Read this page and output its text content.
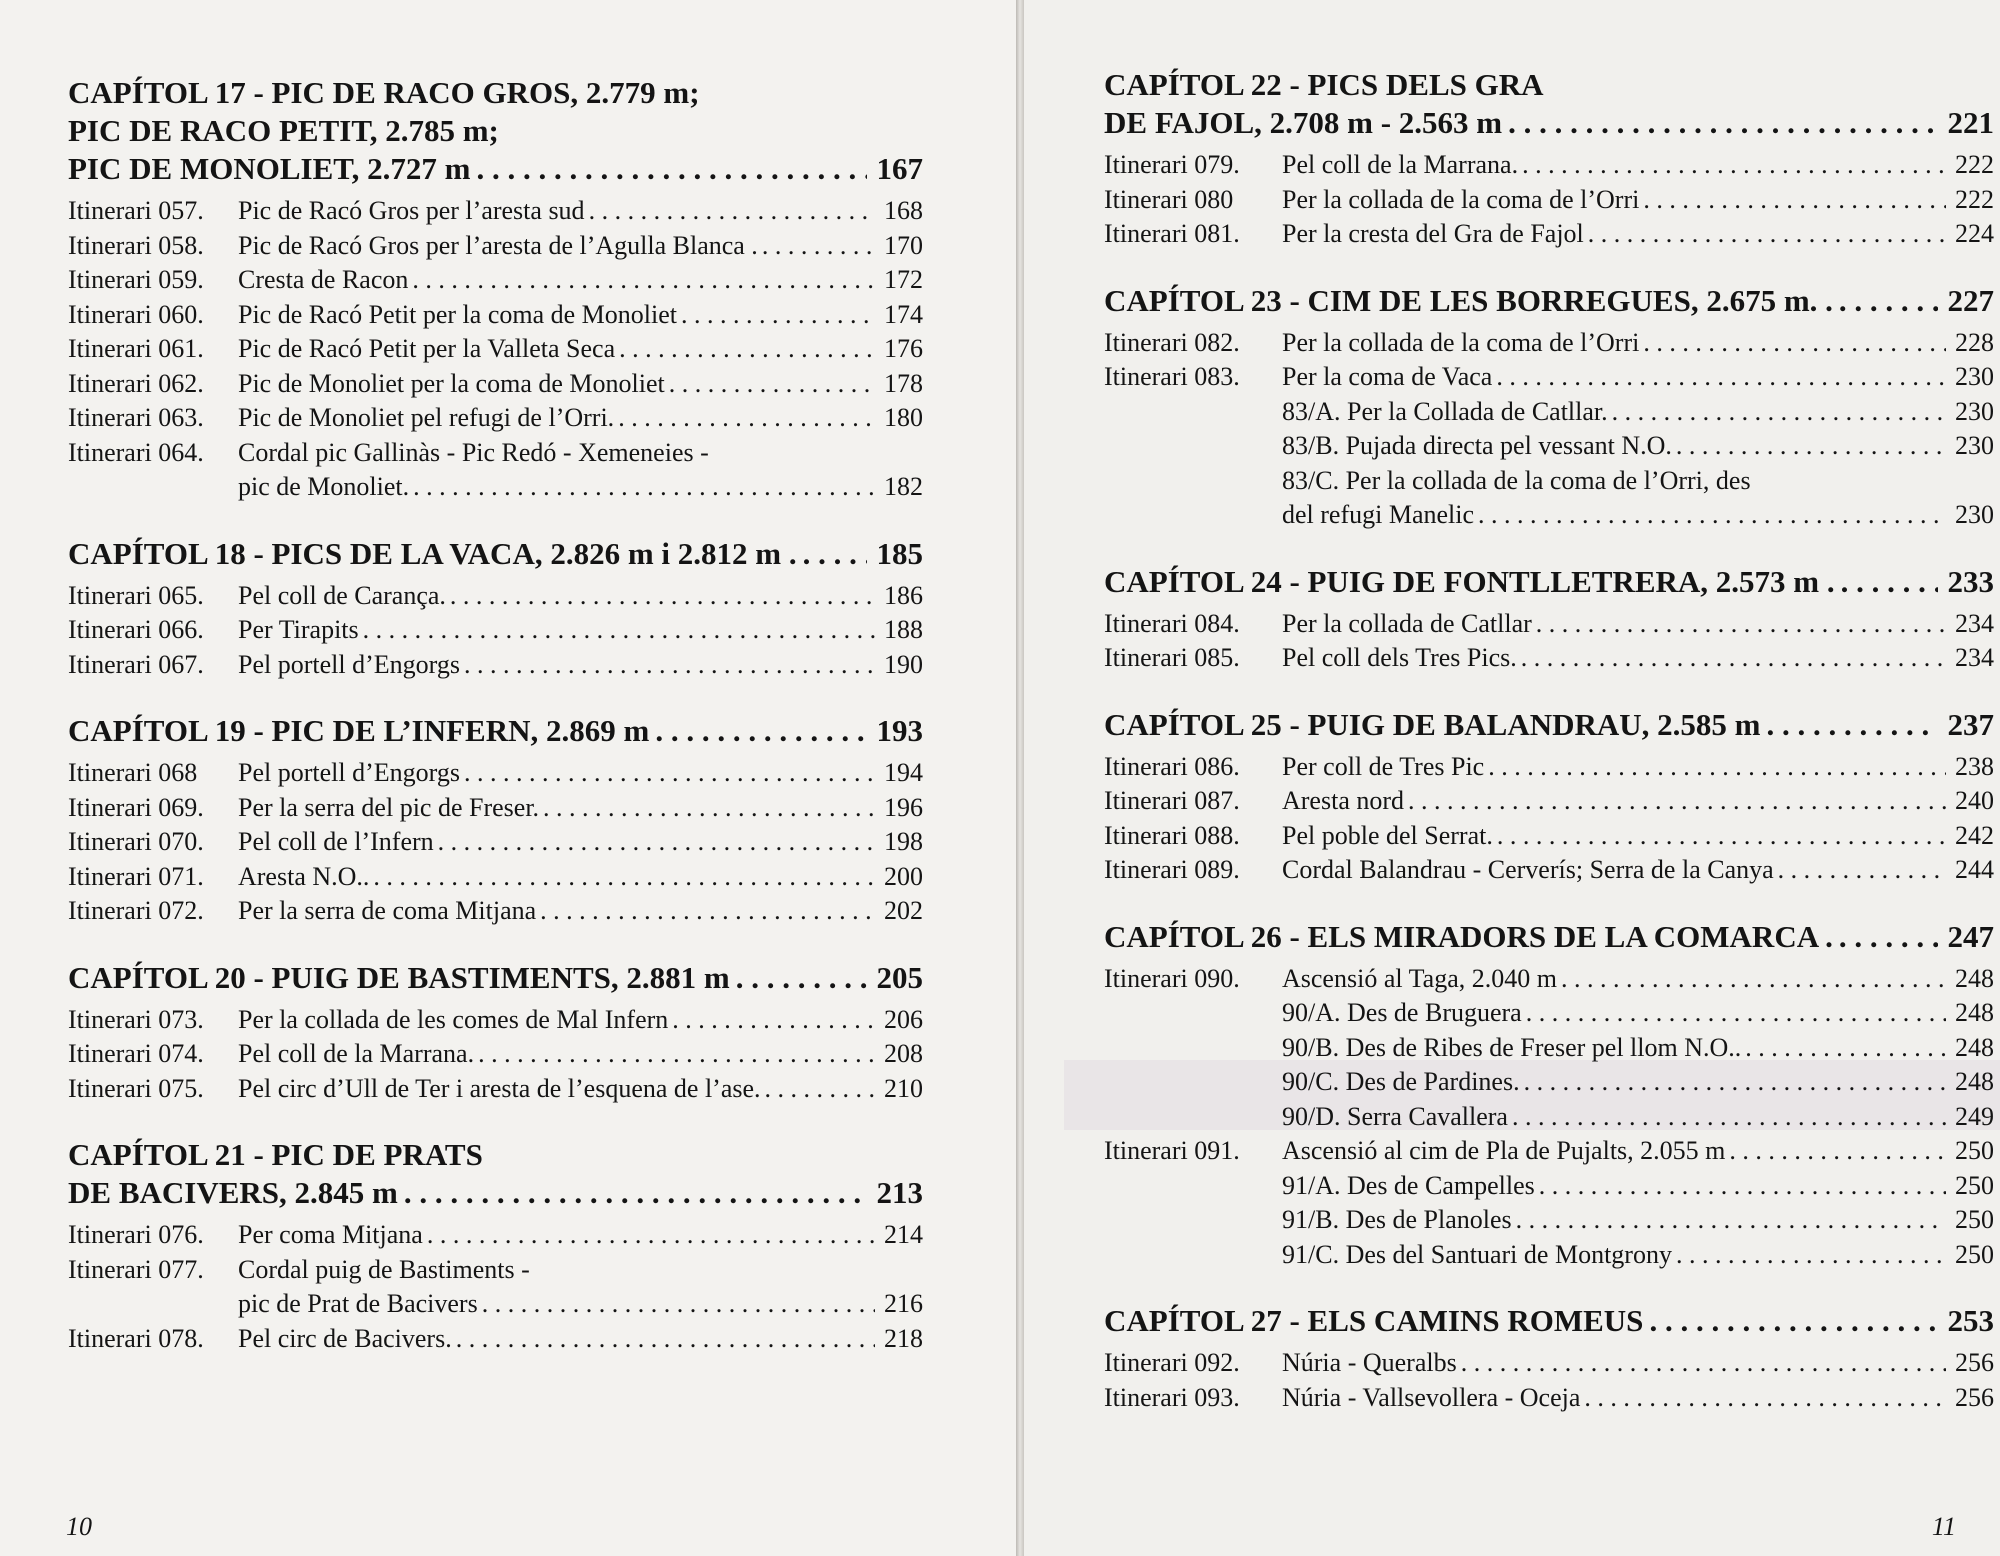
CAPÍTOL 17 - PIC DE RACO GROS, 2.779 m;
PIC DE RACO PETIT, 2.785 m;
PIC DE MONOLIET, 2.727 m . . .	167
Itinerari 057.	Pic de Racó Gros per l’aresta sud . . .	168
Itinerari 058.	Pic de Racó Gros per l’aresta de l’Agulla Blanca . . . .	170
Itinerari 059.	Cresta de Racon . . .	172
Itinerari 060.	Pic de Racó Petit per la coma de Monoliet . . .	174
Itinerari 061.	Pic de Racó Petit per la Valleta Seca . . .	176
Itinerari 062.	Pic de Monoliet per la coma de Monoliet . . .	178
Itinerari 063.	Pic de Monoliet pel refugi de l’Orri. . . .	180
Itinerari 064.	Cordal pic Gallinàs - Pic Redó - Xemeneies -
pic de Monoliet. . . .	182
CAPÍTOL 18 - PICS DE LA VACA, 2.826 m i 2.812 m . . . .	185
Itinerari 065.	Pel coll de Carança. . . .	186
Itinerari 066.	Per Tirapits . . .	188
Itinerari 067.	Pel portell d’Engorgs . . .	190
CAPÍTOL 19 - PIC DE L’INFERN, 2.869 m . . .	193
Itinerari 068	Pel portell d’Engorgs . . .	194
Itinerari 069.	Per la serra del pic de Freser. . . .	196
Itinerari 070.	Pel coll de l’Infern . . .	198
Itinerari 071.	Aresta N.O.. . . .	200
Itinerari 072.	Per la serra de coma Mitjana . . .	202
CAPÍTOL 20 - PUIG DE BASTIMENTS, 2.881 m . . .	205
Itinerari 073.	Per la collada de les comes de Mal Infern . . .	206
Itinerari 074.	Pel coll de la Marrana. . . .	208
Itinerari 075.	Pel circ d’Ull de Ter i aresta de l’esquena de l’ase. . . .	210
CAPÍTOL 21 - PIC DE PRATS
DE BACIVERS, 2.845 m . . .	213
Itinerari 076.	Per coma Mitjana . . .	214
Itinerari 077.	Cordal puig de Bastiments -
pic de Prat de Bacivers . . .	216
Itinerari 078.	Pel circ de Bacivers. . . .	218
10
CAPÍTOL 22 - PICS DELS GRA
DE FAJOL, 2.708 m - 2.563 m . . .	221
Itinerari 079.	Pel coll de la Marrana. . . .	222
Itinerari 080	Per la collada de la coma de l’Orri . . .	222
Itinerari 081.	Per la cresta del Gra de Fajol . . .	224
CAPÍTOL 23 - CIM DE LES BORREGUES, 2.675 m. . . . .	227
Itinerari 082.	Per la collada de la coma de l’Orri . . .	228
Itinerari 083.	Per la coma de Vaca . . .	230
83/A. Per la Collada de Catllar. . . .	230
83/B. Pujada directa pel vessant N.O. . . .	230
83/C. Per la collada de la coma de l’Orri, des
del refugi Manelic . . .	230
CAPÍTOL 24 - PUIG DE FONTLLETRERA, 2.573 m . . . .	233
Itinerari 084.	Per la collada de Catllar . . .	234
Itinerari 085.	Pel coll dels Tres Pics. . . .	234
CAPÍTOL 25 - PUIG DE BALANDRAU, 2.585 m . . .	237
Itinerari 086.	Per coll de Tres Pic . . .	238
Itinerari 087.	Aresta nord . . .	240
Itinerari 088.	Pel poble del Serrat. . . .	242
Itinerari 089.	Cordal Balandrau - Cerverís; Serra de la Canya . . .	244
CAPÍTOL 26 - ELS MIRADORS DE LA COMARCA . . . .	247
Itinerari 090.	Ascensió al Taga, 2.040 m . . .	248
90/A. Des de Bruguera . . .	248
90/B. Des de Ribes de Freser pel llom N.O.. . . .	248
90/C. Des de Pardines. . . .	248
90/D. Serra Cavallera . . .	249
Itinerari 091.	Ascensió al cim de Pla de Pujalts, 2.055 m . . .	250
91/A. Des de Campelles . . .	250
91/B. Des de Planoles . . .	250
91/C. Des del Santuari de Montgrony . . .	250
CAPÍTOL 27 - ELS CAMINS ROMEUS . . .	253
Itinerari 092.	Núria - Queralbs . . .	256
Itinerari 093.	Núria - Vallsevollera - Oceja . . .	256
11
